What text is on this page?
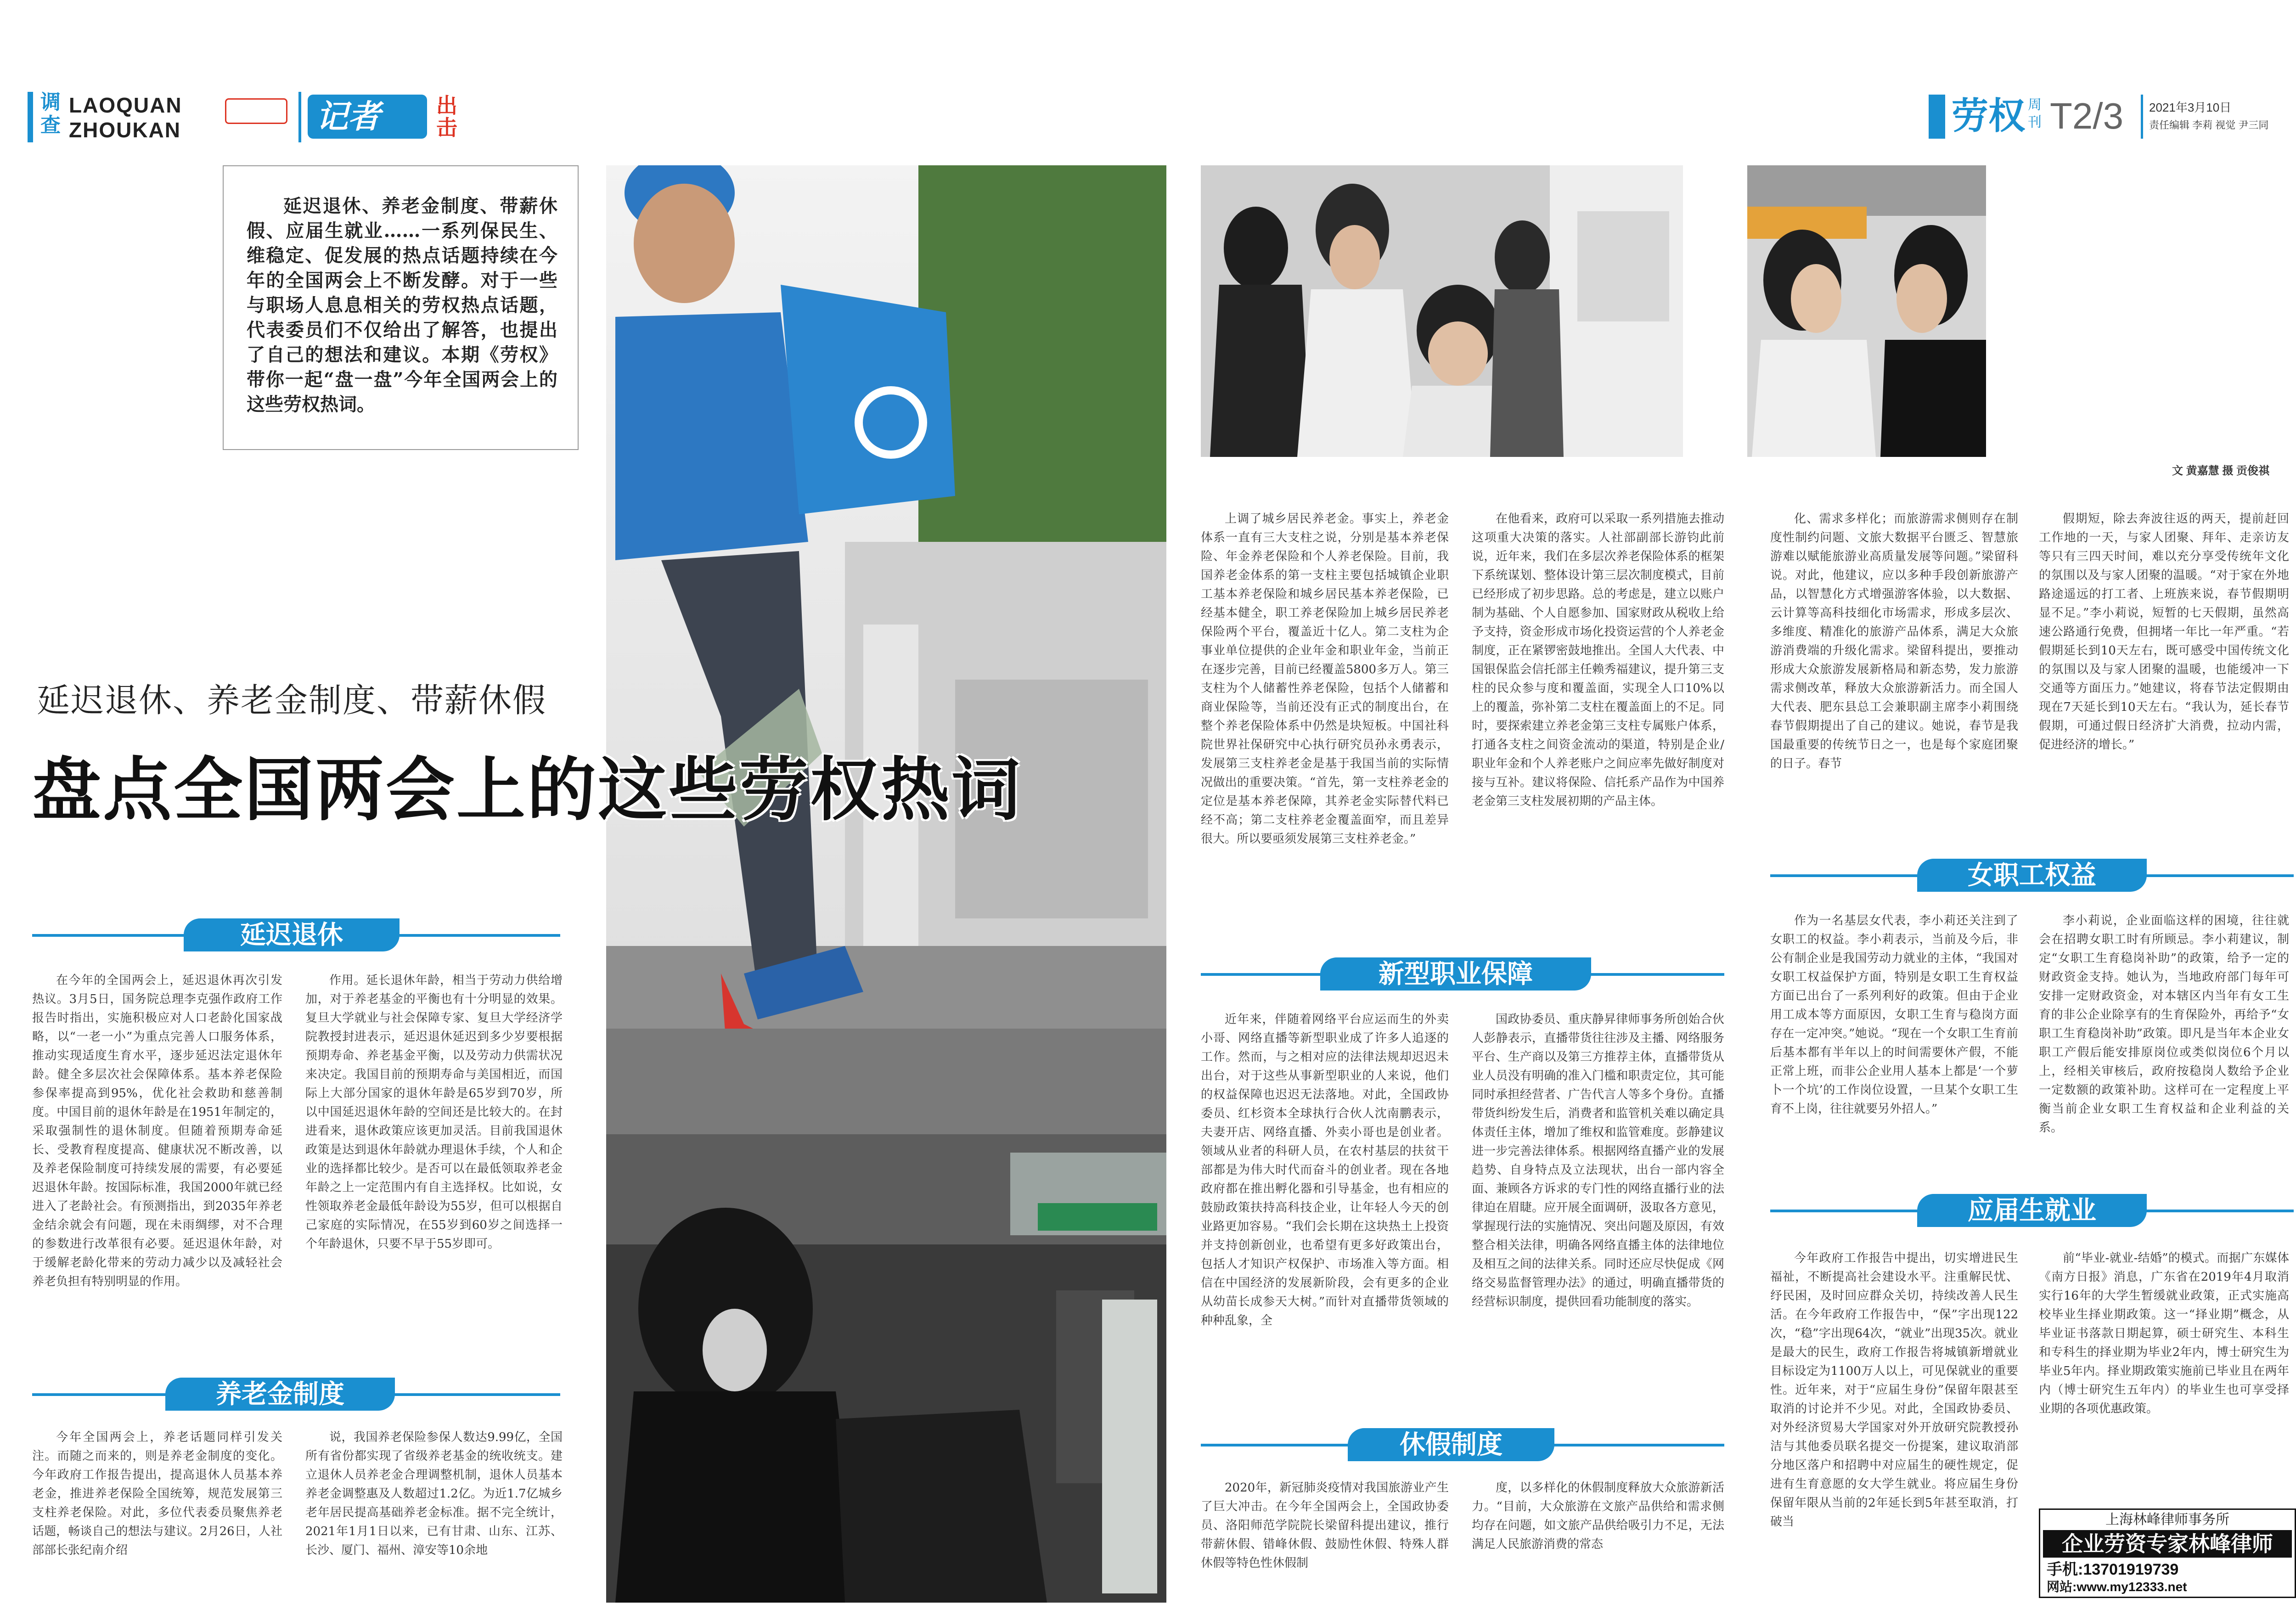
调查
LAOQUAN
ZHOUKAN	记者	出击	劳权 周刊 T2/3 2021年3月10日
责任编辑 李莉 视觉 尹三同
延迟退休、养老金制度、带薪休假、应届生就业……一系列保民生、维稳定、促发展的热点话题持续在今年的全国两会上不断发酵。对于一些与职场人息息相关的劳权热点话题，代表委员们不仅给出了解答，也提出了自己的想法和建议。本期《劳权》带你一起“盘一盘”今年全国两会上的这些劳权热词。
文 黄嘉慧 摄 贡俊祺
延迟退休、养老金制度、带薪休假
盘点全国两会上的这些劳权热词
延迟退休
养老金制度
新型职业保障
休假制度
女职工权益
应届生就业

在今年的全国两会上，延迟退休再次引发热议。3月5日，国务院总理李克强作政府工作报告时指出，实施积极应对人口老龄化国家战略，以“一老一小”为重点完善人口服务体系，推动实现适度生育水平，逐步延迟法定退休年龄。健全多层次社会保障体系。基本养老保险参保率提高到95%，优化社会救助和慈善制度。中国目前的退休年龄是在1951年制定的，采取强制性的退休制度。但随着预期寿命延长、受教育程度提高、健康状况不断改善，以及养老保险制度可持续发展的需要，有必要延迟退休年龄。按国际标准，我国2000年就已经进入了老龄社会。有预测指出，到2035年养老金结余就会有问题，现在未雨绸缪，对不合理的参数进行改革很有必要。延迟退休年龄，对于缓解老龄化带来的劳动力减少以及减轻社会养老负担有特别明显的作用。

作用。延长退休年龄，相当于劳动力供给增加，对于养老基金的平衡也有十分明显的效果。复旦大学就业与社会保障专家、复旦大学经济学院教授封进表示，延迟退休延迟到多少岁要根据预期寿命、养老基金平衡，以及劳动力供需状况来决定。我国目前的预期寿命与美国相近，而国际上大部分国家的退休年龄是65岁到70岁，所以中国延迟退休年龄的空间还是比较大的。在封进看来，退休政策应该更加灵活。目前我国退休政策是达到退休年龄就办理退休手续，个人和企业的选择都比较少。是否可以在最低领取养老金年龄之上一定范围内有自主选择权。比如说，女性领取养老金最低年龄设为55岁，但可以根据自己家庭的实际情况，在55岁到60岁之间选择一个年龄退休，只要不早于55岁即可。

今年全国两会上，养老话题同样引发关注。而随之而来的，则是养老金制度的变化。今年政府工作报告提出，提高退休人员基本养老金，推进养老保险全国统筹，规范发展第三支柱养老保险。对此，多位代表委员聚焦养老话题，畅谈自己的想法与建议。2月26日，人社部部长张纪南介绍

说，我国养老保险参保人数达9.99亿，全国所有省份都实现了省级养老基金的统收统支。建立退休人员养老金合理调整机制，退休人员基本养老金调整惠及人数超过1.2亿。为近1.7亿城乡老年居民提高基础养老金标准。据不完全统计，2021年1月1日以来，已有甘肃、山东、江苏、长沙、厦门、福州、漳安等10余地

上调了城乡居民养老金。事实上，养老金体系一直有三大支柱之说，分别是基本养老保险、年金养老保险和个人养老保险。目前，我国养老金体系的第一支柱主要包括城镇企业职工基本养老保险和城乡居民基本养老保险，已经基本健全，职工养老保险加上城乡居民养老保险两个平台，覆盖近十亿人。第二支柱为企事业单位提供的企业年金和职业年金，当前正在逐步完善，目前已经覆盖5800多万人。第三支柱为个人储蓄性养老保险，包括个人储蓄和商业保险等，当前还没有正式的制度出台，在整个养老保险体系中仍然是块短板。中国社科院世界社保研究中心执行研究员孙永勇表示，发展第三支柱养老金是基于我国当前的实际情况做出的重要决策。“首先，第一支柱养老金的定位是基本养老保障，其养老金实际替代料已经不高；第二支柱养老金覆盖面窄，而且差异很大。所以要亟须发展第三支柱养老金。”

在他看来，政府可以采取一系列措施去推动这项重大决策的落实。人社部副部长游钧此前说，近年来，我们在多层次养老保险体系的框架下系统谋划、整体设计第三层次制度模式，目前已经形成了初步思路。总的考虑是，建立以账户制为基础、个人自愿参加、国家财政从税收上给予支持，资金形成市场化投资运营的个人养老金制度，正在紧锣密鼓地推出。全国人大代表、中国银保监会信托部主任赖秀福建议，提升第三支柱的民众参与度和覆盖面，实现全人口10%以上的覆盖，弥补第二支柱在覆盖面上的不足。同时，要探索建立养老金第三支柱专属账户体系，打通各支柱之间资金流动的渠道，特别是企业/职业年金和个人养老账户之间应率先做好制度对接与互补。建议将保险、信托系产品作为中国养老金第三支柱发展初期的产品主体。

近年来，伴随着网络平台应运而生的外卖小哥、网络直播等新型职业成了许多人追逐的工作。然而，与之相对应的法律法规却迟迟未出台，对于这些从事新型职业的人来说，他们的权益保障也迟迟无法落地。对此，全国政协委员、红杉资本全球执行合伙人沈南鹏表示，夫妻开店、网络直播、外卖小哥也是创业者。领域从业者的科研人员，在农村基层的扶贫干部都是为伟大时代而奋斗的创业者。现在各地政府都在推出孵化器和引导基金，也有相应的鼓励政策扶持高科技企业，让年轻人今天的创业路更加容易。“我们会长期在这块热土上投资并支持创新创业，也希望有更多好政策出台，包括人才知识产权保护、市场准入等方面。相信在中国经济的发展新阶段，会有更多的企业从幼苗长成参天大树。”而针对直播带货领域的种种乱象，全

国政协委员、重庆静昇律师事务所创始合伙人彭静表示，直播带货往往涉及主播、网络服务平台、生产商以及第三方推荐主体，直播带货从业人员没有明确的准入门槛和职责定位，其可能同时承担经营者、广告代言人等多个身份。直播带货纠纷发生后，消费者和监管机关难以确定具体责任主体，增加了维权和监管难度。彭静建议进一步完善法律体系。根据网络直播产业的发展趋势、自身特点及立法现状，出台一部内容全面、兼顾各方诉求的专门性的网络直播行业的法律迫在眉睫。应开展全面调研，汲取各方意见，掌握现行法的实施情况、突出问题及原因，有效整合相关法律，明确各网络直播主体的法律地位及相互之间的法律关系。同时还应尽快促成《网络交易监督管理办法》的通过，明确直播带货的经营标识制度，提供回看功能制度的落实。

2020年，新冠肺炎疫情对我国旅游业产生了巨大冲击。在今年全国两会上，全国政协委员、洛阳师范学院院长梁留科提出建议，推行带薪休假、错峰休假、鼓励性休假、特殊人群休假等特色性休假制

度，以多样化的休假制度释放大众旅游新活力。“目前，大众旅游在文旅产品供给和需求侧均存在问题，如文旅产品供给吸引力不足，无法满足人民旅游消费的常态

化、需求多样化；而旅游需求侧则存在制度性制约问题、文旅大数据平台匮乏、智慧旅游难以赋能旅游业高质量发展等问题。”梁留科说。对此，他建议，应以多种手段创新旅游产品，以智慧化方式增强游客体验，以大数据、云计算等高科技细化市场需求，形成多层次、多维度、精准化的旅游产品体系，满足大众旅游消费端的升级化需求。梁留科提出，要推动形成大众旅游发展新格局和新态势，发力旅游需求侧改革，释放大众旅游新活力。而全国人大代表、肥东县总工会兼职副主席李小莉围绕春节假期提出了自己的建议。她说，春节是我国最重要的传统节日之一，也是每个家庭团聚的日子。春节

假期短，除去奔波往返的两天，提前赶回工作地的一天，与家人团聚、拜年、走亲访友等只有三四天时间，难以充分享受传统年文化的氛围以及与家人团聚的温暖。“对于家在外地路途遥远的打工者、上班族来说，春节假期明显不足。”李小莉说，短暂的七天假期，虽然高速公路通行免费，但拥堵一年比一年严重。“若假期延长到10天左右，既可感受中国传统文化的氛围以及与家人团聚的温暖，也能缓冲一下交通等方面压力。”她建议，将春节法定假期由现在7天延长到10天左右。“我认为，延长春节假期，可通过假日经济扩大消费，拉动内需，促进经济的增长。”

作为一名基层女代表，李小莉还关注到了女职工的权益。李小莉表示，当前及今后，非公有制企业是我国劳动力就业的主体，“我国对女职工权益保护方面，特别是女职工生育权益方面已出台了一系列利好的政策。但由于企业用工成本等方面原因，女职工生育与稳岗方面存在一定冲突。”她说。“现在一个女职工生育前后基本都有半年以上的时间需要休产假，不能正常上班，而非公企业用人基本上都是‘一个萝卜一个坑’的工作岗位设置，一旦某个女职工生育不上岗，往往就要另外招人。”

李小莉说，企业面临这样的困境，往往就会在招聘女职工时有所顾忌。李小莉建议，制定“女职工生育稳岗补助”的政策，给予一定的财政资金支持。她认为，当地政府部门每年可安排一定财政资金，对本辖区内当年有女工生育的非公企业除享有的生育保险外，再给予“女职工生育稳岗补助”政策。即凡是当年本企业女职工产假后能安排原岗位或类似岗位6个月以上，经相关审核后，政府按稳岗人数给予企业一定数额的政策补助。这样可在一定程度上平衡当前企业女职工生育权益和企业利益的关系。

今年政府工作报告中提出，切实增进民生福祉，不断提高社会建设水平。注重解民忧、纾民困，及时回应群众关切，持续改善人民生活。在今年政府工作报告中，“保”字出现122次，“稳”字出现64次，“就业”出现35次。就业是最大的民生，政府工作报告将城镇新增就业目标设定为1100万人以上，可见保就业的重要性。近年来，对于“应届生身份”保留年限甚至取消的讨论并不少见。对此，全国政协委员、对外经济贸易大学国家对外开放研究院教授孙洁与其他委员联名提交一份提案，建议取消部分地区落户和招聘中对应届生的硬性规定，促进有生育意愿的女大学生就业。将应届生身份保留年限从当前的2年延长到5年甚至取消，打破当

前“毕业-就业-结婚”的模式。而据广东媒体《南方日报》消息，广东省在2019年4月取消实行16年的大学生暂缓就业政策，正式实施高校毕业生择业期政策。这一“择业期”概念，从毕业证书落款日期起算，硕士研究生、本科生和专科生的择业期为毕业2年内，博士研究生为毕业5年内。择业期政策实施前已毕业且在两年内（博士研究生五年内）的毕业生也可享受择业期的各项优惠政策。

上海林峰律师事务所
企业劳资专家林峰律师
手机:13701919739
网站:www.my12333.net
